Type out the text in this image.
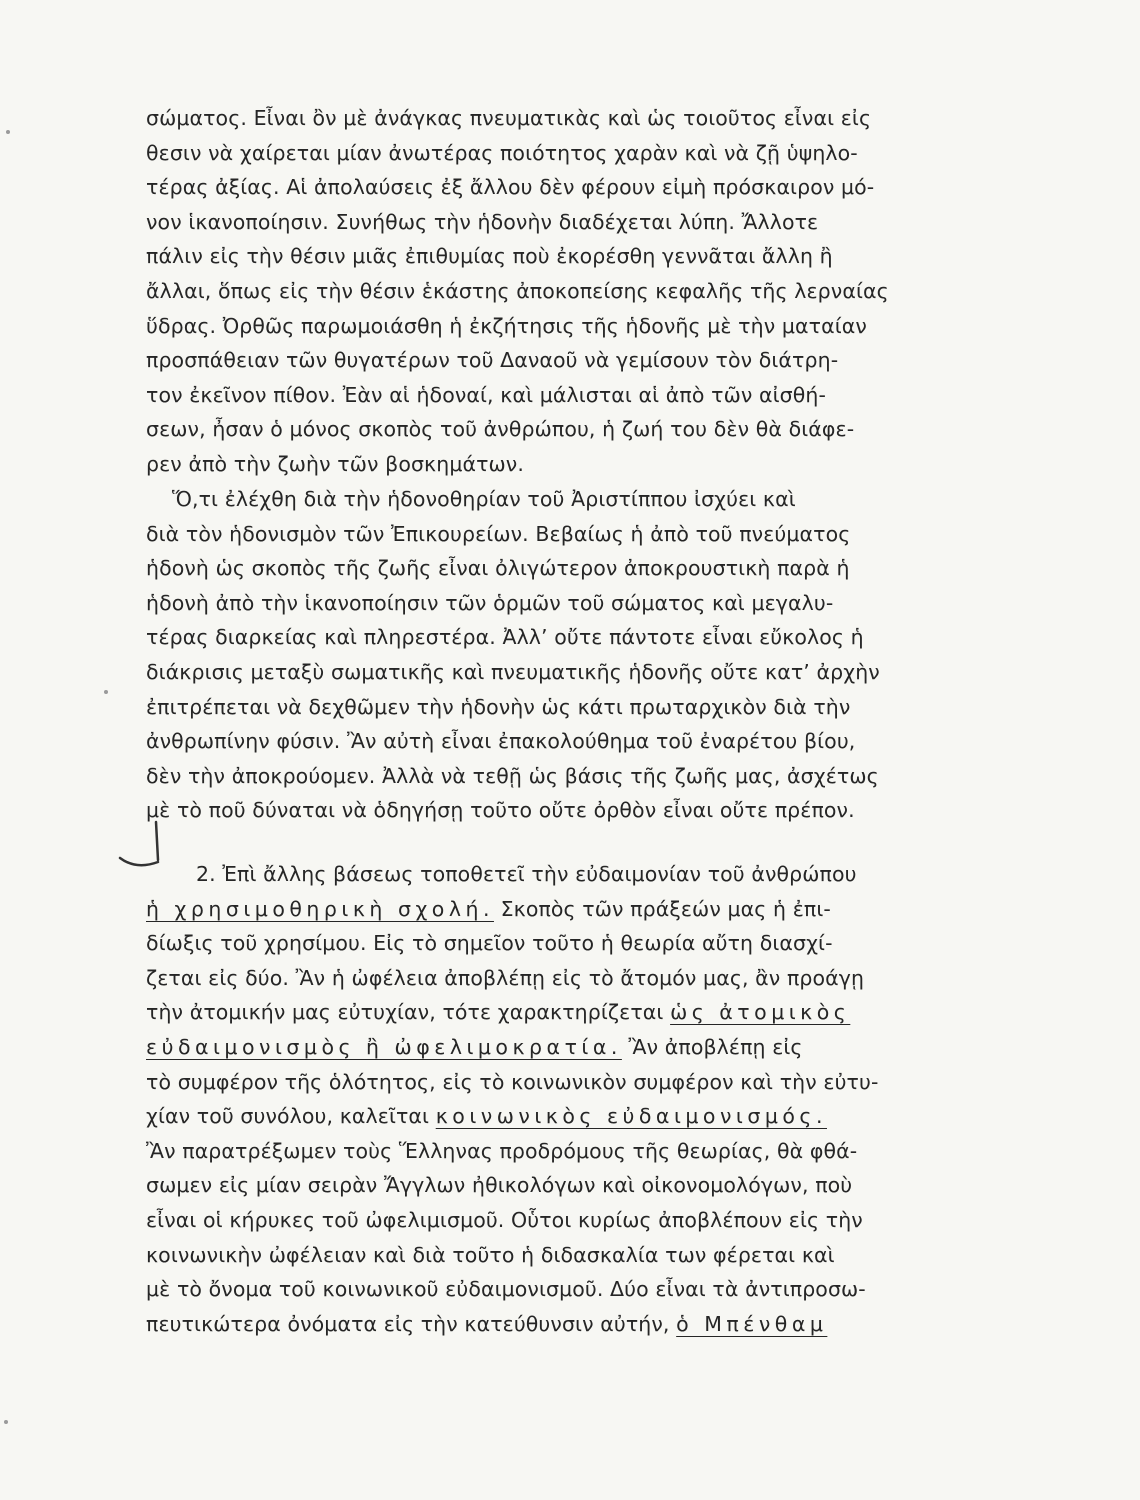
σώματος. Εἶναι ὂν μὲ ἀνάγκας πνευματικὰς καὶ ὡς τοιοῦτος εἶναι εἰς
θεσιν νὰ χαίρεται μίαν ἀνωτέρας ποιότητος χαρὰν καὶ νὰ ζῇ ὑψηλο-
τέρας ἀξίας. Αἱ ἀπολαύσεις ἐξ ἄλλου δὲν φέρουν εἰμὴ πρόσκαιρον μό-
νον ἱκανοποίησιν. Συνήθως τὴν ἡδονὴν διαδέχεται λύπη. Ἄλλοτε
πάλιν εἰς τὴν θέσιν μιᾶς ἐπιθυμίας ποὺ ἐκορέσθη γεννᾶται ἄλλη ἢ
ἄλλαι, ὅπως εἰς τὴν θέσιν ἑκάστης ἀποκοπείσης κεφαλῆς τῆς λερναίας
ὕδρας. Ὀρθῶς παρωμοιάσθη ἡ ἐκζήτησις τῆς ἡδονῆς μὲ τὴν ματαίαν
προσπάθειαν τῶν θυγατέρων τοῦ Δαναοῦ νὰ γεμίσουν τὸν διάτρη-
τον ἐκεῖνον πίθον. Ἐὰν αἱ ἡδοναί, καὶ μάλισται αἱ ἀπὸ τῶν αἰσθή-
σεων, ἦσαν ὁ μόνος σκοπὸς τοῦ ἀνθρώπου, ἡ ζωή του δὲν θὰ διάφε-
ρεν ἀπὸ τὴν ζωὴν τῶν βοσκημάτων.
Ὅ,τι ἐλέχθη διὰ τὴν ἡδονοθηρίαν τοῦ Ἀριστίππου ἰσχύει καὶ
διὰ τὸν ἡδονισμὸν τῶν Ἐπικουρείων. Βεβαίως ἡ ἀπὸ τοῦ πνεύματος
ἡδονὴ ὡς σκοπὸς τῆς ζωῆς εἶναι ὀλιγώτερον ἀποκρουστικὴ παρὰ ἡ
ἡδονὴ ἀπὸ τὴν ἱκανοποίησιν τῶν ὁρμῶν τοῦ σώματος καὶ μεγαλυ-
τέρας διαρκείας καὶ πληρεστέρα. Ἀλλ’ οὔτε πάντοτε εἶναι εὔκολος ἡ
διάκρισις μεταξὺ σωματικῆς καὶ πνευματικῆς ἡδονῆς οὔτε κατ’ ἀρχὴν
ἐπιτρέπεται νὰ δεχθῶμεν τὴν ἡδονὴν ὡς κάτι πρωταρχικὸν διὰ τὴν
ἀνθρωπίνην φύσιν. Ἂν αὐτὴ εἶναι ἐπακολούθημα τοῦ ἐναρέτου βίου,
δὲν τὴν ἀποκρούομεν. Ἀλλὰ νὰ τεθῇ ὡς βάσις τῆς ζωῆς μας, ἀσχέτως
μὲ τὸ ποῦ δύναται νὰ ὁδηγήσῃ τοῦτο οὔτε ὀρθὸν εἶναι οὔτε πρέπον.
2. Ἐπὶ ἄλλης βάσεως τοποθετεῖ τὴν εὐδαιμονίαν τοῦ ἀνθρώπου
ἡ χρησιμοθηρικὴ σχολή. Σκοπὸς τῶν πράξεών μας ἡ ἐπι-
δίωξις τοῦ χρησίμου. Εἰς τὸ σημεῖον τοῦτο ἡ θεωρία αὔτη διασχί-
ζεται εἰς δύο. Ἂν ἡ ὠφέλεια ἀποβλέπῃ εἰς τὸ ἄτομόν μας, ἂν προάγῃ
τὴν ἀτομικήν μας εὐτυχίαν, τότε χαρακτηρίζεται ὡς ἀτομικὸς
εὐδαιμονισμὸς ἢ ὠφελιμοκρατία. Ἂν ἀποβλέπῃ εἰς
τὸ συμφέρον τῆς ὁλότητος, εἰς τὸ κοινωνικὸν συμφέρον καὶ τὴν εὐτυ-
χίαν τοῦ συνόλου, καλεῖται κοινωνικὸς εὐδαιμονισμός.
Ἂν παρατρέξωμεν τοὺς Ἕλληνας προδρόμους τῆς θεωρίας, θὰ φθά-
σωμεν εἰς μίαν σειρὰν Ἄγγλων ἠθικολόγων καὶ οἰκονομολόγων, ποὺ
εἶναι οἱ κήρυκες τοῦ ὠφελιμισμοῦ. Οὗτοι κυρίως ἀποβλέπουν εἰς τὴν
κοινωνικὴν ὠφέλειαν καὶ διὰ τοῦτο ἡ διδασκαλία των φέρεται καὶ
μὲ τὸ ὄνομα τοῦ κοινωνικοῦ εὐδαιμονισμοῦ. Δύο εἶναι τὰ ἀντιπροσω-
πευτικώτερα ὀνόματα εἰς τὴν κατεύθυνσιν αὐτήν, ὁ Μπένθαμ
